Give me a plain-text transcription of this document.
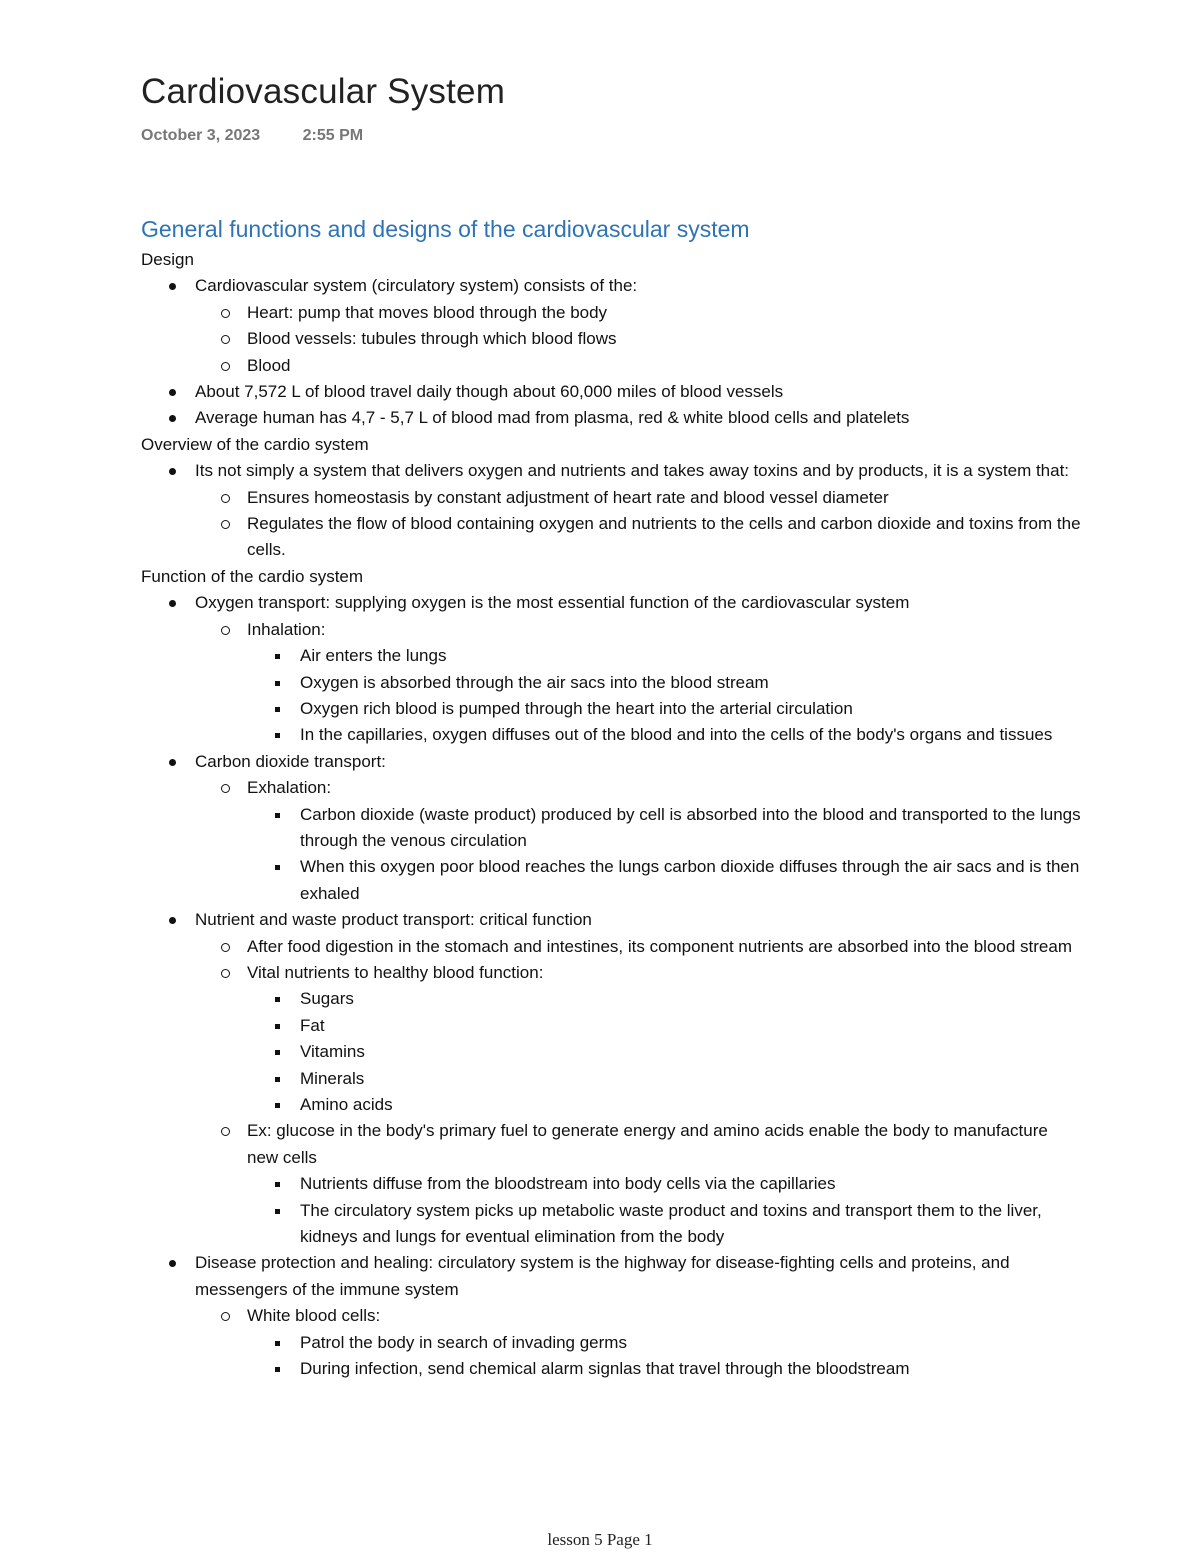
Cardiovascular System
October 3, 2023	2:55 PM
General functions and designs of the cardiovascular system

Design

Cardiovascular system (circulatory system) consists of the:
Heart: pump that moves blood through the body
Blood vessels: tubules through which blood flows
Blood
About 7,572 L of blood travel daily though about 60,000 miles of blood vessels
Average human has 4,7 - 5,7 L of blood mad from plasma, red & white blood cells and platelets

Overview of the cardio system

Its not simply a system that delivers oxygen and nutrients and takes away toxins and by products, it is a system that:
Ensures homeostasis by constant adjustment of heart rate and blood vessel diameter
Regulates the flow of blood containing oxygen and nutrients to the cells and carbon dioxide and toxins from the cells.

Function of the cardio system

Oxygen transport: supplying oxygen is the most essential function of the cardiovascular system
Inhalation:
Air enters the lungs
Oxygen is absorbed through the air sacs into the blood stream
Oxygen rich blood is pumped through the heart into the arterial circulation
In the capillaries, oxygen diffuses out of the blood and into the cells of the body's organs and tissues
Carbon dioxide transport:
Exhalation:
Carbon dioxide (waste product) produced by cell is absorbed into the blood and transported to the lungs through the venous circulation
When this oxygen poor blood reaches the lungs carbon dioxide diffuses through the air sacs and is then exhaled
Nutrient and waste product transport: critical function
After food digestion in the stomach and intestines, its component nutrients are absorbed into the blood stream
Vital nutrients to healthy blood function:
Sugars
Fat
Vitamins
Minerals
Amino acids
Ex: glucose in the body's primary fuel to generate energy and amino acids enable the body to manufacture new cells
Nutrients diffuse from the bloodstream into body cells via the capillaries
The circulatory system picks up metabolic waste product and toxins and transport them to the liver, kidneys and lungs for eventual elimination from the body
Disease protection and healing: circulatory system is the highway for disease-fighting cells and proteins, and messengers of the immune system
White blood cells:
Patrol the body in search of invading germs
During infection, send chemical alarm signlas that travel through the bloodstream
lesson 5 Page 1
